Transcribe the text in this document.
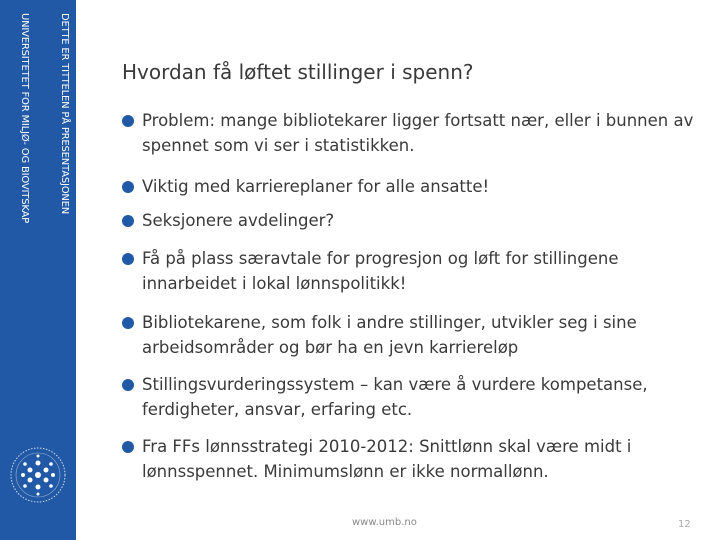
DETTE ER TITTELEN PÅ PRESENTASJONEN
UNIVERSITETET FOR MILJØ- OG BIOVITSKAP	Hvordan få løftet stillinger i spenn?
Problem: mange bibliotekarer ligger fortsatt nær, eller i bunnen av spennet som vi ser i statistikken.
Viktig med karriereplaner for alle ansatte!
Seksjonere avdelinger?
Få på plass særavtale for progresjon og løft for stillingene innarbeidet i lokal lønnspolitikk!
Bibliotekarene, som folk i andre stillinger, utvikler seg i sine arbeidsområder og bør ha en jevn karriereløp
Stillingsvurderingssystem – kan være å vurdere kompetanse, ferdigheter, ansvar, erfaring etc.
Fra FFs lønnsstrategi 2010-2012: Snittlønn skal være midt i lønnsspennet. Minimumslønn er ikke normallønn.
www.umb.no	12
